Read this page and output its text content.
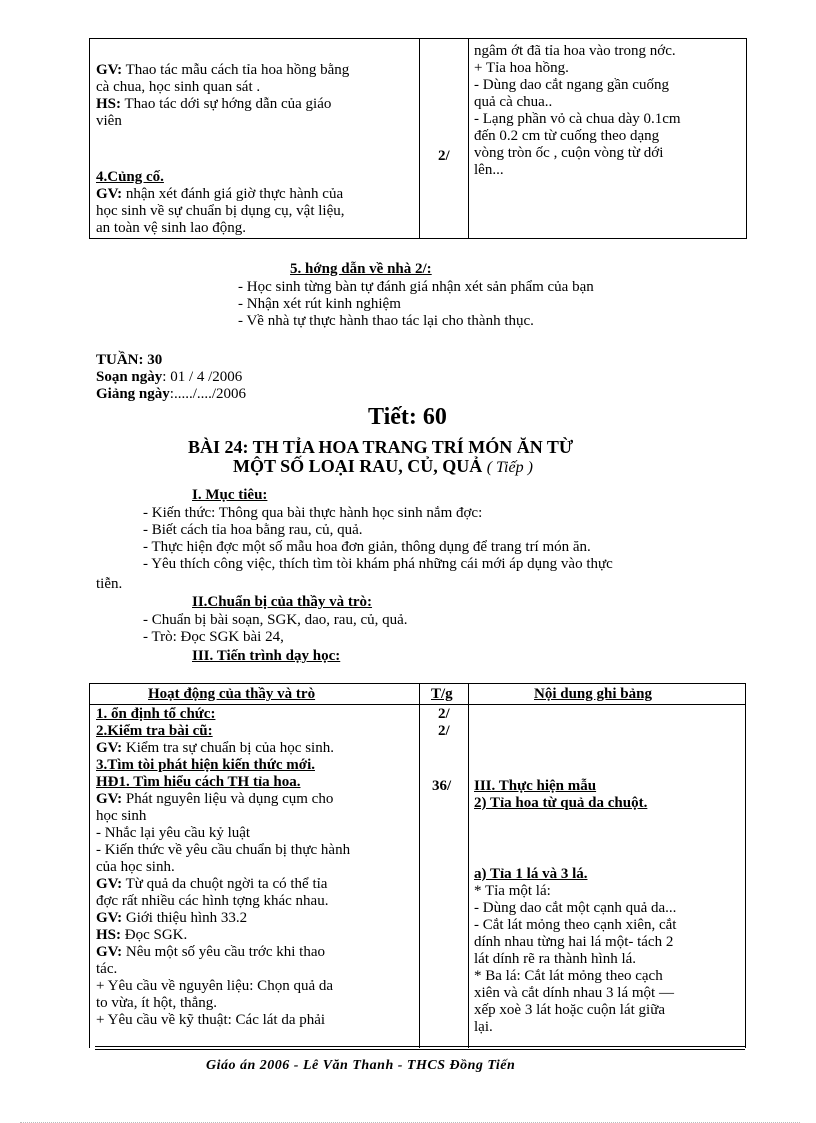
GV: Thao tác mẫu cách tỉa hoa hồng bằng
cà chua, học sinh quan sát .
HS: Thao tác dới sự hớng dẫn của giáo
viên
4.Củng cố.
GV: nhận xét đánh giá giờ thực hành của
học sinh về sự chuẩn bị dụng cụ, vật liệu,
an toàn vệ sinh lao động.
2/
ngâm ớt đã tỉa hoa vào trong nớc.
+ Tỉa hoa hồng.
- Dùng dao cắt ngang gần cuống
quả cà chua..
- Lạng phần vỏ cà chua dày 0.1cm
đến 0.2 cm từ cuống theo dạng
vòng tròn ốc , cuộn vòng từ dới
lên...
5. hớng dẫn về nhà 2/:
- Học sinh từng bàn tự đánh giá nhận xét sản phẩm của bạn
- Nhận xét rút kinh nghiệm
- Về nhà tự thực hành thao tác lại cho thành thục.
TUẦN: 30
Soạn ngày: 01 / 4 /2006
Giảng ngày:...../..../2006
Tiết: 60
BÀI 24: TH TỈA HOA TRANG TRÍ MÓN ĂN TỪ
MỘT SỐ LOẠI RAU, CỦ, QUẢ ( Tiếp )
I. Mục tiêu:
- Kiến thức: Thông qua bài thực hành học sinh nắm đợc:
- Biết cách tỉa hoa bằng rau, củ, quả.
- Thực hiện đợc một số mẫu hoa đơn giản, thông dụng để trang trí món ăn.
- Yêu thích công việc, thích tìm tòi khám phá những cái mới áp dụng vào thực
tiễn.
II.Chuẩn bị của thầy và trò:
- Chuẩn bị bài soạn, SGK, dao, rau, củ, quả.
- Trò: Đọc SGK bài 24,
III. Tiến trình dạy học:
Hoạt động của thầy và trò	T/g	Nội dung ghi bảng
1. ổn định tổ chức:
2.Kiểm tra bài cũ:
GV: Kiểm tra sự chuẩn bị của học sinh.
3.Tìm tòi phát hiện kiến thức mới.
HĐ1. Tìm hiểu cách TH tỉa hoa.
GV: Phát nguyên liệu và dụng cụm cho
học sinh
- Nhắc lại yêu cầu kỷ luật
- Kiến thức về yêu cầu chuẩn bị thực hành
của học sinh.
GV: Từ quả da chuột ngời ta có thể tỉa
đợc rất nhiều các hình tợng khác nhau.
GV: Giới thiệu hình 33.2
HS: Đọc SGK.
GV: Nêu một số yêu cầu trớc khi thao
tác.
+ Yêu cầu về nguyên liệu: Chọn quả da
to vừa, ít hột, thẳng.
+ Yêu cầu về kỹ thuật: Các lát da phải
2/
2/
36/ III. Thực hiện mẫu
2) Tỉa hoa từ quả da chuột.
a) Tỉa 1 lá và 3 lá.
* Tỉa một lá:
- Dùng dao cắt một cạnh quả da...
- Cắt lát mỏng theo cạnh xiên, cắt
dính nhau từng hai lá một- tách 2
lát dính rẽ ra thành hình lá.
* Ba lá: Cắt lát mỏng theo cạch
xiên và cắt dính nhau 3 lá một —
xếp xoè 3 lát hoặc cuộn lát giữa
lại.
Giáo án 2006 - Lê Văn Thanh - THCS Đồng Tiến
